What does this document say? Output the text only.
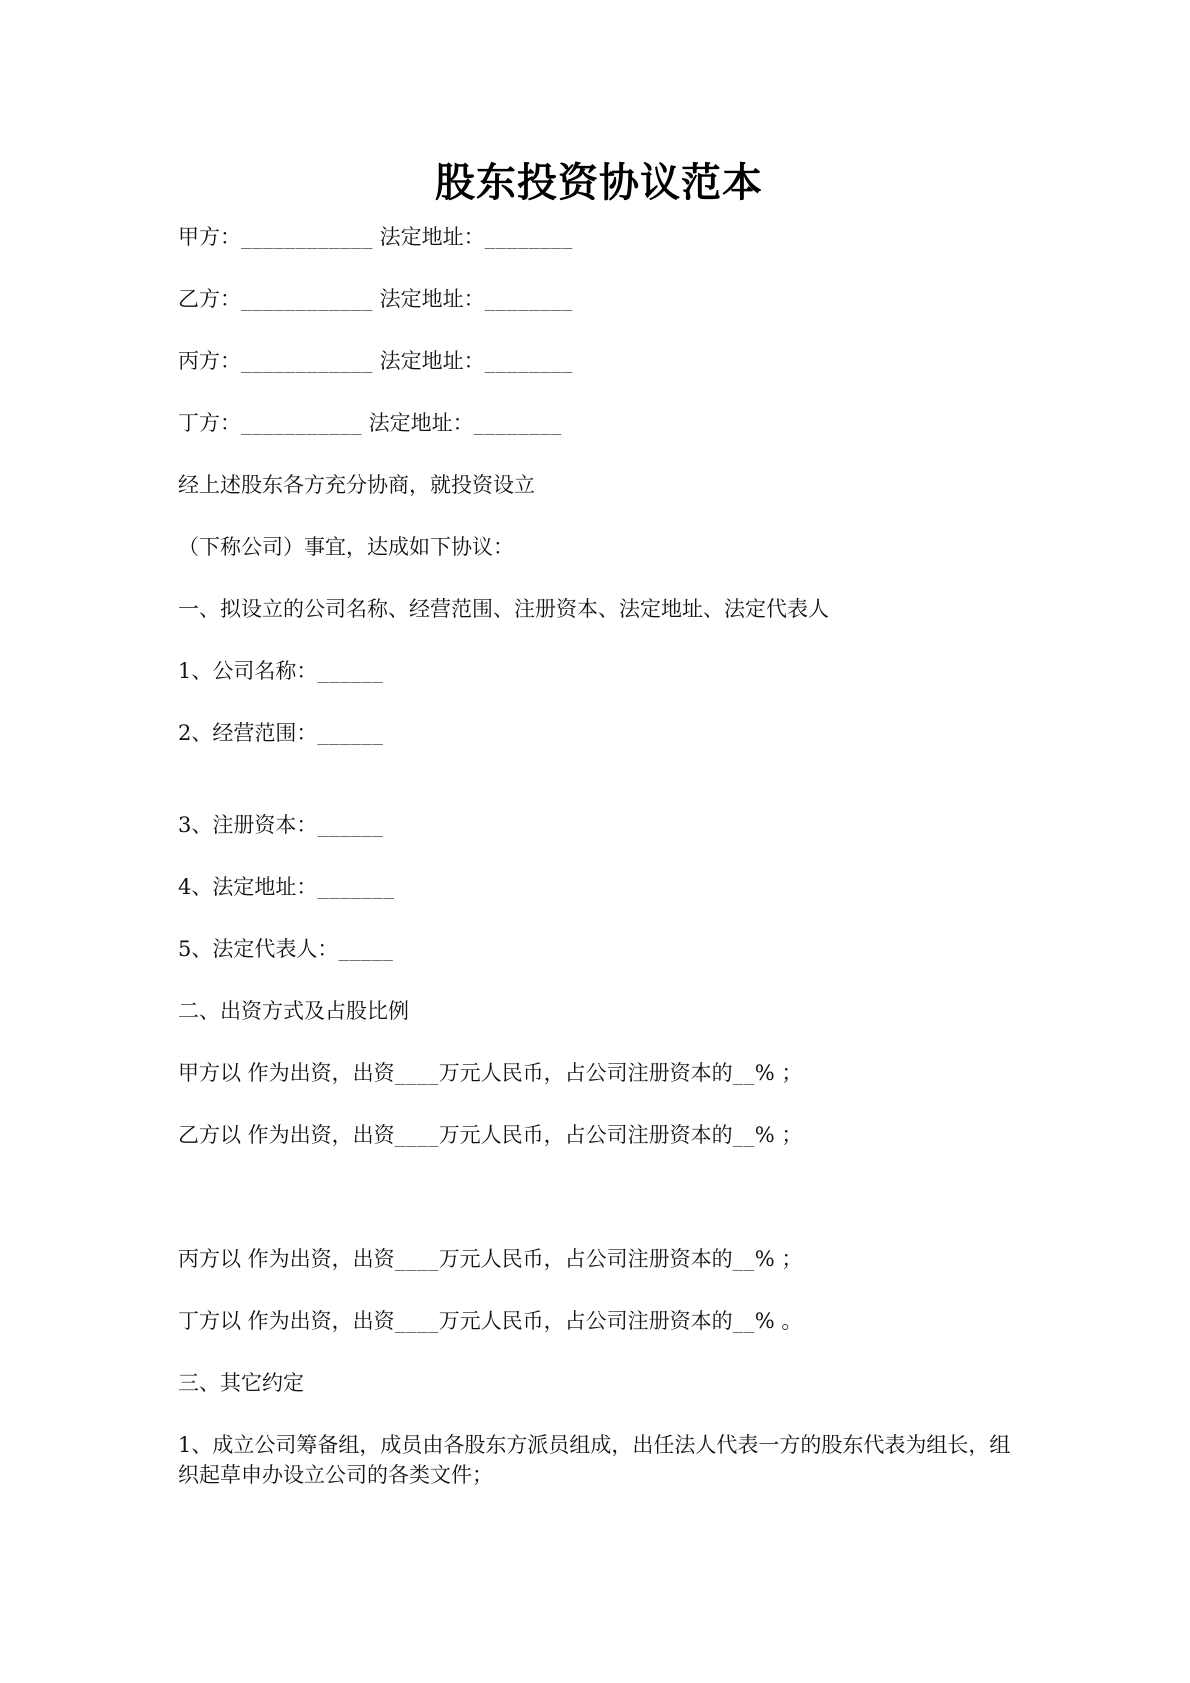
股东投资协议范本

甲方：____________ 法定地址：________

乙方：____________ 法定地址：________

丙方：____________ 法定地址：________

丁方：___________ 法定地址：________

经上述股东各方充分协商，就投资设立

（下称公司）事宜，达成如下协议：

一、拟设立的公司名称、经营范围、注册资本、法定地址、法定代表人

1、公司名称：______

2、经营范围：______

3、注册资本：______

4、法定地址：_______

5、法定代表人：_____

二、出资方式及占股比例

甲方以 作为出资，出资____万元人民币，占公司注册资本的__% ；

乙方以 作为出资，出资____万元人民币，占公司注册资本的__% ；

丙方以 作为出资，出资____万元人民币，占公司注册资本的__% ；

丁方以 作为出资，出资____万元人民币，占公司注册资本的__% 。

三、其它约定

1、成立公司筹备组，成员由各股东方派员组成，出任法人代表一方的股东代表为组长，组织起草申办设立公司的各类文件；
